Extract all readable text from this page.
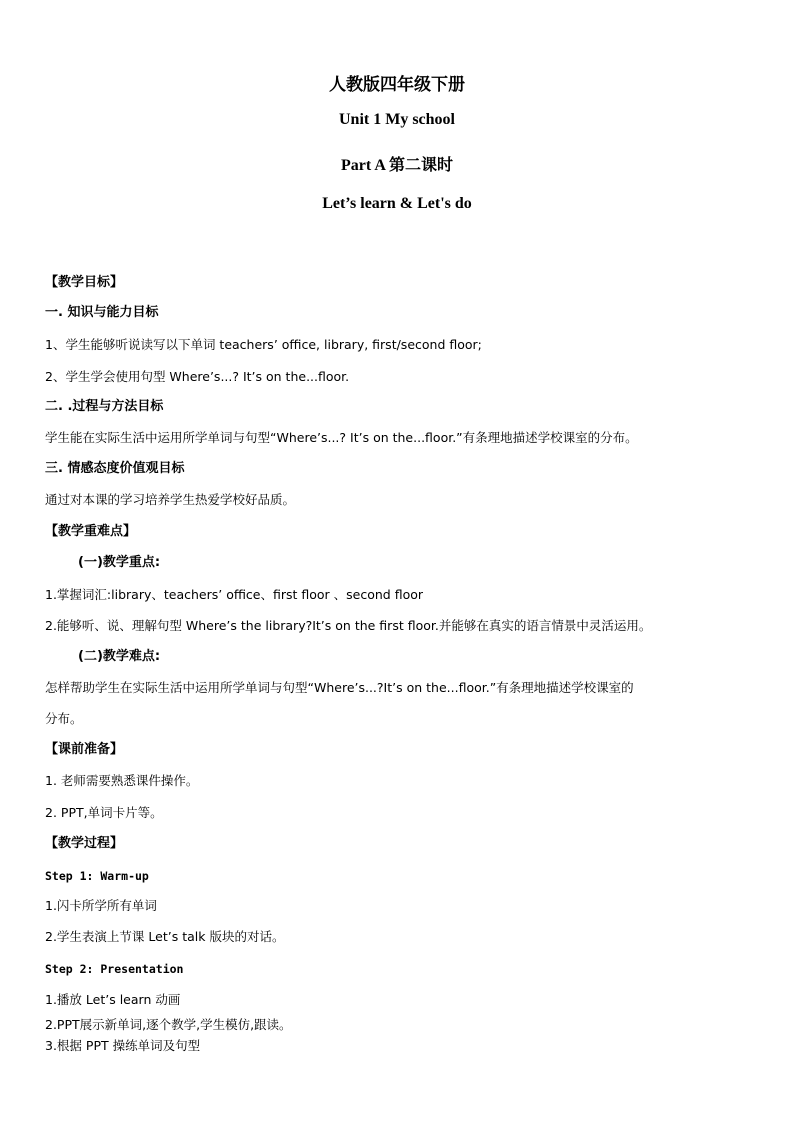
人教版四年级下册
Unit 1 My school
Part A 第二课时
Let’s learn & Let's do
【教学目标】
一. 知识与能力目标
1、学生能够听说读写以下单词 teachers’ office, library, first/second floor;
2、学生学会使用句型 Where’s...? It’s on the...floor.
二. .过程与方法目标
学生能在实际生活中运用所学单词与句型“Where’s...? It’s on the...floor.”有条理地描述学校课室的分布。
三. 情感态度价值观目标
通过对本课的学习培养学生热爱学校好品质。
【教学重难点】
(一)教学重点:
1.掌握词汇:library、teachers’ office、first floor 、second floor
2.能够听、说、理解句型 Where’s the library?It’s on the first floor.并能够在真实的语言情景中灵活运用。
(二)教学难点:
怎样帮助学生在实际生活中运用所学单词与句型“Where’s...?It’s on the...floor.”有条理地描述学校课室的
分布。
【课前准备】
1. 老师需要熟悉课件操作。
2. PPT,单词卡片等。
【教学过程】
Step 1: Warm-up
1.闪卡所学所有单词
2.学生表演上节课 Let’s talk 版块的对话。
Step 2: Presentation
1.播放 Let’s learn 动画
2.PPT展示新单词,逐个教学,学生模仿,跟读。
3.根据 PPT 操练单词及句型
